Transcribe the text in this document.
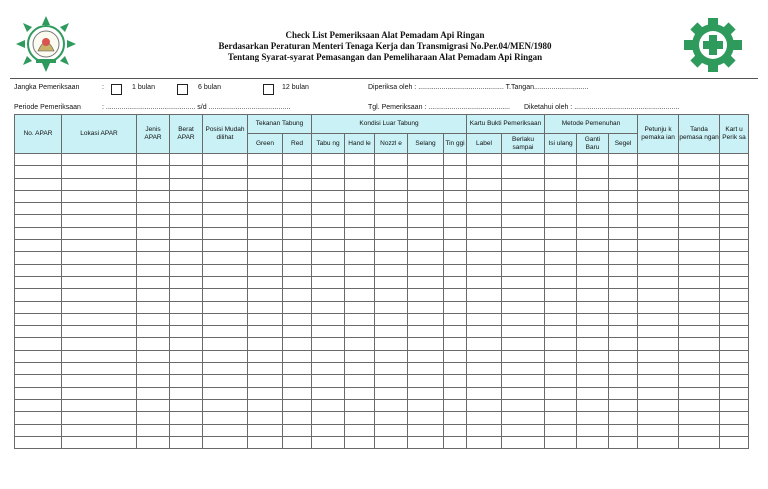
Check List Pemeriksaan Alat Pemadam Api Ringan
Berdasarkan Peraturan Menteri Tenaga Kerja dan Transmigrasi No.Per.04/MEN/1980
Tentang Syarat-syarat Pemasangan dan Pemeliharaan Alat Pemadam Api Ringan
Jangka Pemeriksaan	:	1 bulan	6 bulan	12 bulan	Diperiksa oleh : ............................................ T.Tangan............................
Periode Pemeriksaan	: .............................................. s/d ..........................................	Tgl. Pemeriksaan : .......................................... Diketahui oleh : ......................................................
No. APAR	Lokasi APAR	Jenis APAR	Berat APAR	Posisi Mudah dilihat	Tekanan Tabung		Kondisi Luar Tabung					Kartu Bukti Pemeriksaan		Metode Pemenuhan			Petunju k pemaka ian	Tanda pemasa ngan	Kart u Perik sa

					Green	Red	Tabu ng	Hand le	Nozzl e	Selang	Tin ggi	Label	Berlaku sampai	Isi ulang	Ganti Baru	Segel			
